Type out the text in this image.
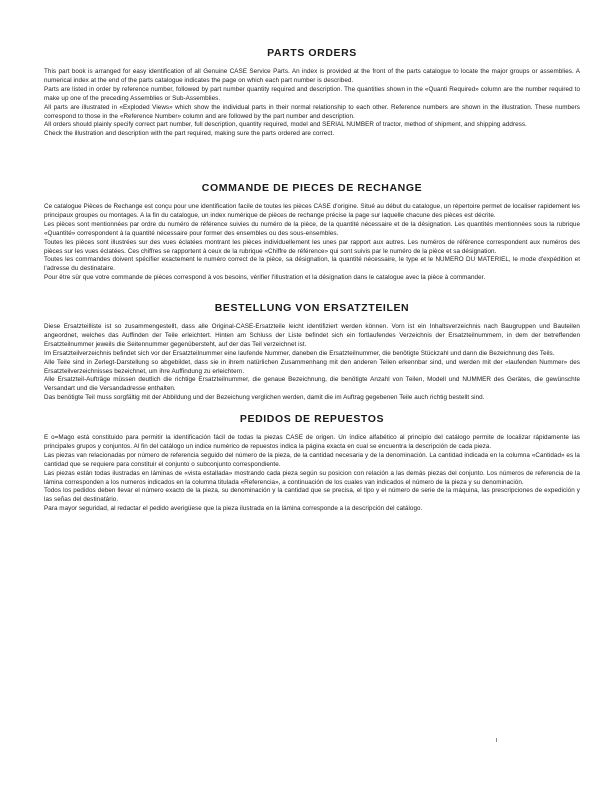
PARTS ORDERS

This part book is arranged for easy identification of all Genuine CASE Service Parts. An index is provided at the front of the parts catalogue to locate the major groups or assemblies. A numerical index at the end of the parts catalogue indicates the page on which each part number is described.

Parts are listed in order by reference number, followed by part number quantity required and description. The quantities shown in the «Quanti Required» column are the number required to make up one of the preceding Assemblies or Sub-Assemblies.

All parts are illustrated in «Exploded Views» which show the individual parts in their normal relationship to each other. Reference numbers are shown in the illustration. These numbers correspond to those in the «Reference Number» column and are followed by the part number and description.

All orders should plainly specify correct part number, full description, quantity required, model and SERIAL NUMBER of tractor, method of shipment, and shipping address.

Check the illustration and description with the part required, making sure the parts ordered are correct.

COMMANDE DE PIECES DE RECHANGE

Ce catalogue Pièces de Rechange est conçu pour une identification facile de toutes les pièces CASE d'origine. Situé au début du catalogue, un répertoire permet de localiser rapidement les principaux groupes ou montages. A la fin du catalogue, un index numérique de pièces de rechange précise la page sur laquelle chacune des pièces est décrite.

Les pièces sont mentionnées par ordre du numéro de référence suivies du numéro de la pièce, de la quantité nécessaire et de la désignation. Les quantités mentionnées sous la rubrique «Quantité» correspondent à la quantité nécessaire pour former des ensembles ou des sous-ensembles.

Toutes les pièces sont illustrées sur des vues éclatées montrant les pièces individuellement les unes par rapport aux autres. Les numéros de référence correspondent aux numéros des pièces sur les vues éclatées. Ces chiffres se rapportent à ceux de la rubrique «Chiffre de référence» qui sont suivis par le numéro de la pièce et sa désignation.

Toutes les commandes doivent spécifier exactement le numéro correct de la pièce, sa désignation, la quantité nécessaire, le type et le NUMERO DU MATERIEL, le mode d'expédition et l'adresse du destinataire.

Pour être sûr que votre commande de pièces correspond à vos besoins, vérifier l'illustration et la désignation dans le catalogue avec la pièce à commander.

BESTELLUNG VON ERSATZTEILEN

Diese Ersatzteilliste ist so zusammengestellt, dass alle Original-CASE-Ersatzteile leicht identifiziert werden können. Vorn ist ein Inhaltsverzeichnis nach Baugruppen und Bauteilen angeordnet, welches das Auffinden der Teile erleichtert. Hinten am Schluss der Liste befindet sich ein fortlaufendes Verzeichnis der Ersatzteilnummern, in dem der betreffenden Ersatzteilnummer jeweils die Seitennummer gegenübersteht, auf der das Teil verzeichnet ist.

Im Ersatzteilverzeichnis befindet sich vor der Ersatzteilnummer eine laufende Nummer, daneben die Ersatzteilnummer, die benötigte Stückzahl und dann die Bezeichnung des Teils.

Alle Teile sind in Zerlegt-Darstellung so abgebildet, dass sie in ihrem natürlichen Zusammenhang mit den anderen Teilen erkennbar sind, und werden mit der «laufenden Nummer» des Ersatzteilverzeichnisses bezeichnet, um ihre Auffindung zu erleichtern.

Alle Ersatzteil-Aufträge müssen deutlich die richtige Ersatzteilnummer, die genaue Bezeichnung, die benötigte Anzahl von Teilen, Modell und NUMMER des Gerätes, die gewünschte Versandart und die Versandadresse enthalten.

Das benötigte Teil muss sorgfältig mit der Abbildung und der Bezeichung verglichen werden, damit die im Auftrag gegebenen Teile auch richtig bestellt sind.

PEDIDOS DE REPUESTOS

E o=Mago está constituido para permitir la identificación fácil de todas la piezas CASE de origen. Un índice alfabético al principio del catálogo permite de localizar rápidamente las principales grupos y conjuntos. Al fin del catálogo un indice numérico de repuestos indica la página exacta en cual se encuentra la descripción de cada pieza.

Las piezas van relacionadas por número de referencia seguido del número de la pieza, de la cantidad necesaria y de la denominación. La cantidad indicada en la columna «Cantidad» es la cantidad que se requiere para constituir el conjunto o subconjunto correspondiente.

Las piezas están todas ilustradas en láminas de «vista estallada» mostrando cada pieza según su posicion con relación a las demás piezas del conjunto. Los números de referencia de la lámina corresponden a los numeros indicados en la columna titulada «Referencia», a continuación de los cuales van indicados el número de la pieza y su denominación.

Todos los pedidos deben llevar el número exacto de la pieza, su denominación y la cantidad que se precisa, el tipo y el número de serie de la máquina, las prescripciones de expedición y las señas del destinatário.

Para mayor seguridad, al redactar el pedido averigüese que la pieza ilustrada en la lámina corresponde a la descripción del catálogo.
